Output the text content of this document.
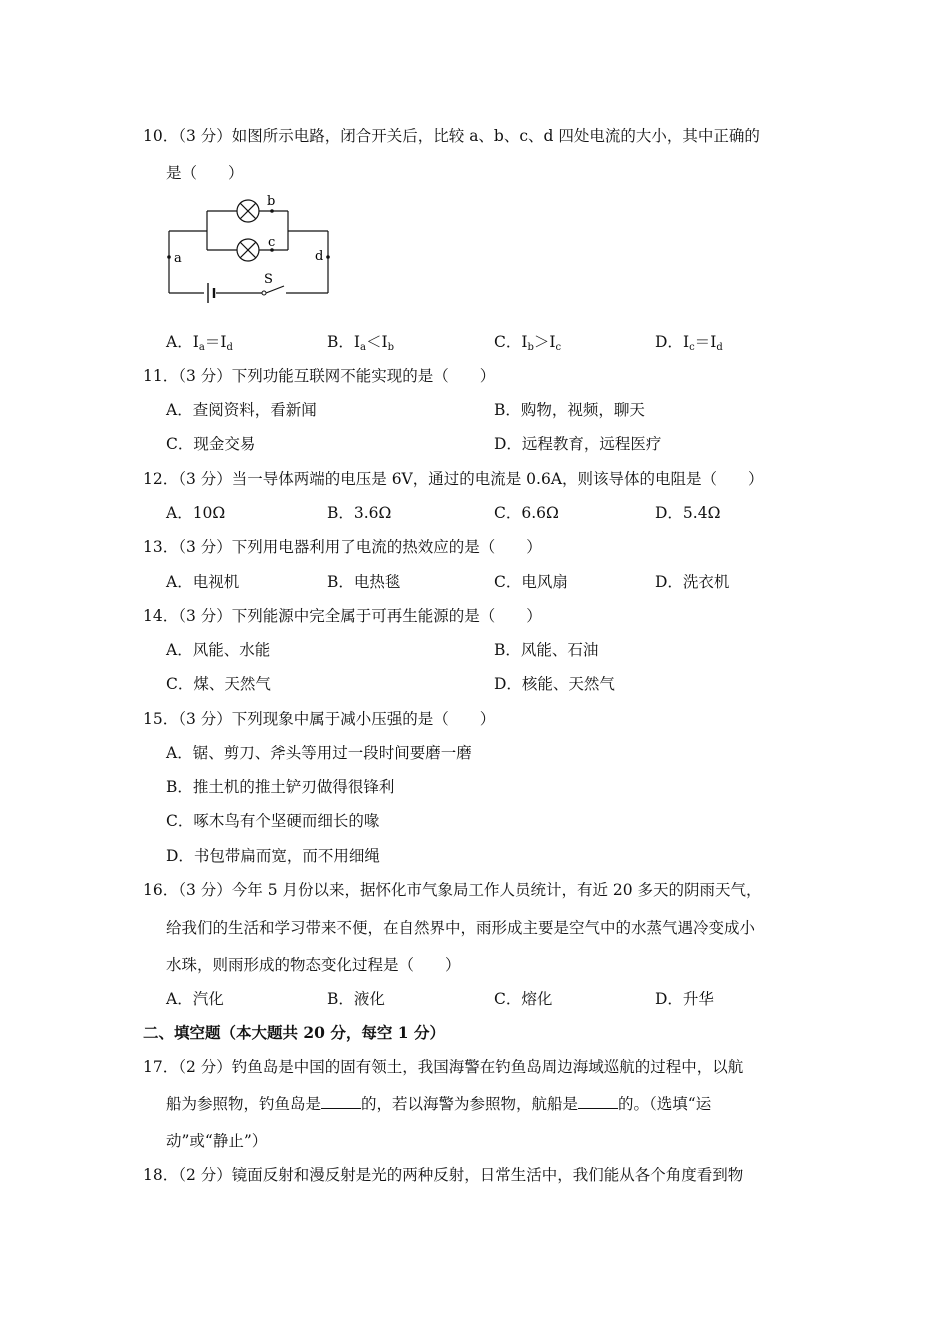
10．（3 分）如图所示电路，闭合开关后，比较 a、b、c、d 四处电流的大小，其中正确的
是（　　）
a	d
b
c
S
A．$I_a=I_d$	B．$I_a<I_b$	C．$I_b>I_c$	D．$I_c=I_d$
11．（3 分）下列功能互联网不能实现的是（　　）
A．查阅资料，看新闻	B．购物，视频，聊天
C．现金交易	D．远程教育，远程医疗
12．（3 分）当一导体两端的电压是 6V，通过的电流是 0.6A，则该导体的电阻是（　　）
A．10Ω	B．3.6Ω	C．6.6Ω	D．5.4Ω
13．（3 分）下列用电器利用了电流的热效应的是（　　）
A．电视机	B．电热毯	C．电风扇	D．洗衣机
14．（3 分）下列能源中完全属于可再生能源的是（　　）
A．风能、水能	B．风能、石油
C．煤、天然气	D．核能、天然气
15．（3 分）下列现象中属于减小压强的是（　　）
A．锯、剪刀、斧头等用过一段时间要磨一磨
B．推土机的推土铲刃做得很锋利
C．啄木鸟有个坚硬而细长的喙
D．书包带扁而宽，而不用细绳
16．（3 分）今年 5 月份以来，据怀化市气象局工作人员统计，有近 20 多天的阴雨天气，
给我们的生活和学习带来不便，在自然界中，雨形成主要是空气中的水蒸气遇冷变成小
水珠，则雨形成的物态变化过程是（　　）
A．汽化	B．液化	C．熔化	D．升华
二、填空题（本大题共 20 分，每空 1 分）
17．（2 分）钓鱼岛是中国的固有领土，我国海警在钓鱼岛周边海域巡航的过程中，以航
船为参照物，钓鱼岛是	的，若以海警为参照物，航船是	的。（选填“运
动”或“静止”）
18．（2 分）镜面反射和漫反射是光的两种反射，日常生活中，我们能从各个角度看到物
